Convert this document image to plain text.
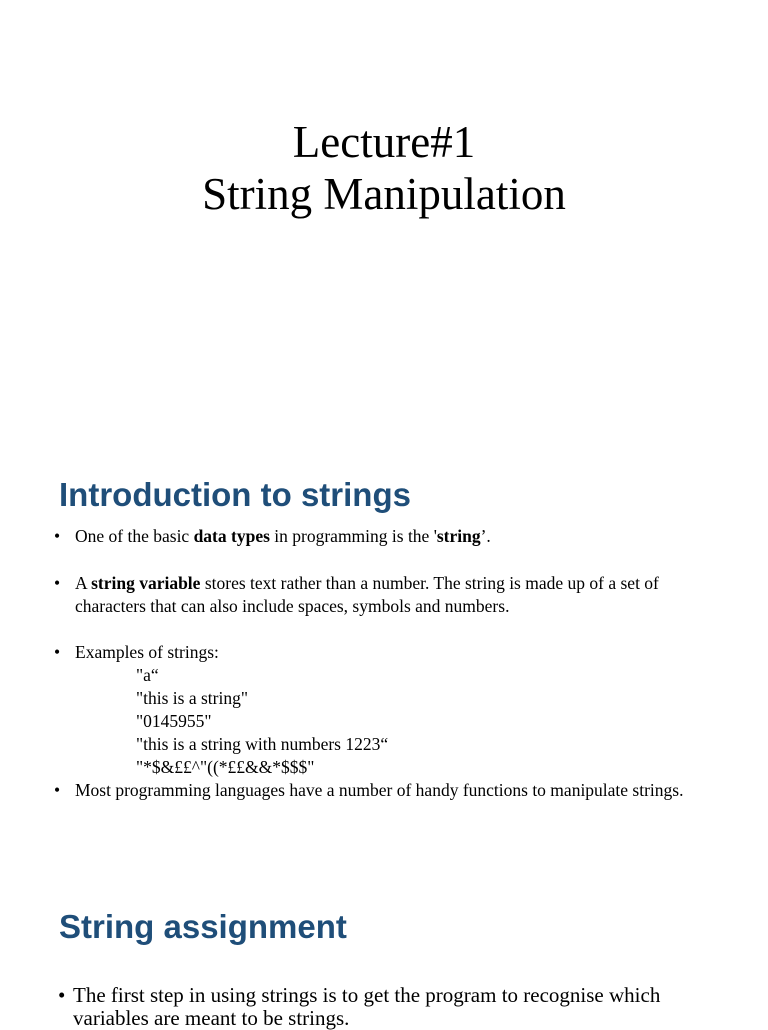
Lecture#1
String Manipulation
Introduction to strings
• One of the basic data types in programming is the 'string’.
• A string variable stores text rather than a number. The string is made up of a set of characters that can also include spaces, symbols and numbers.
• Examples of strings:
"a“
"this is a string"
"0145955"
"this is a string with numbers 1223“
"*$&££^"((*££&&*$$$"
• Most programming languages have a number of handy functions to manipulate strings.
String assignment
• The first step in using strings is to get the program to recognise which variables are meant to be strings.
